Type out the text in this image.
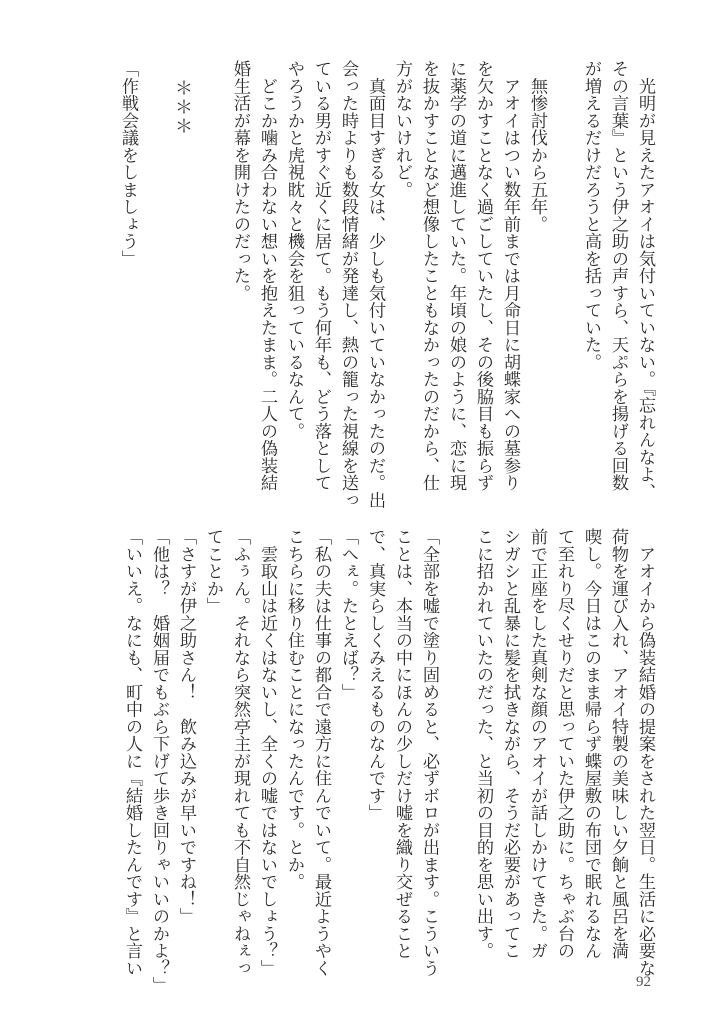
　光明が見えたアオイは気付いていない。『忘れんなよ、
その言葉』という伊之助の声すら、天ぷらを揚げる回数
が増えるだけだろうと高を括っていた。
　無惨討伐から五年。
　アオイはつい数年前までは月命日に胡蝶家への墓参り
を欠かすことなく過ごしていたし、その後脇目も振らず
に薬学の道に邁進していた。年頃の娘のように、恋に現
を抜かすことなど想像したこともなかったのだから、仕
方がないけれど。
　真面目すぎる女は、少しも気付いていなかったのだ。出
会った時よりも数段情緒が発達し、熱の籠った視線を送っ
ている男がすぐ近くに居て。もう何年も、どう落として
やろうかと虎視眈々と機会を狙っているなんて。
　どこか噛み合わない想いを抱えたまま。二人の偽装結
婚生活が幕を開けたのだった。
　＊＊＊
「作戦会議をしましょう」
　アオイから偽装結婚の提案をされた翌日。生活に必要な
荷物を運び入れ、アオイ特製の美味しい夕餉と風呂を満
喫し。今日はこのまま帰らず蝶屋敷の布団で眠れるなん
て至れり尽くせりだと思っていた伊之助に。ちゃぶ台の
前で正座をした真剣な顔のアオイが話しかけてきた。ガ
シガシと乱暴に髪を拭きながら、そうだ必要があってこ
こに招かれていたのだった、と当初の目的を思い出す。
「全部を嘘で塗り固めると、必ずボロが出ます。こういう
ことは、本当の中にほんの少しだけ嘘を織り交ぜること
で、真実らしくみえるものなんです」
「へぇ。たとえば？」
「私の夫は仕事の都合で遠方に住んでいて。最近ようやく
こちらに移り住むことになったんです。とか。
　雲取山は近くはないし、全くの嘘ではないでしょう？」
「ふぅん。それなら突然亭主が現れても不自然じゃねぇっ
てことか」
「さすが伊之助さん！　飲み込みが早いですね！」
「他は？　婚姻届でもぶら下げて歩き回りゃいいのかよ？」
「いいえ。なにも、町中の人に『結婚したんです』と言い
92
